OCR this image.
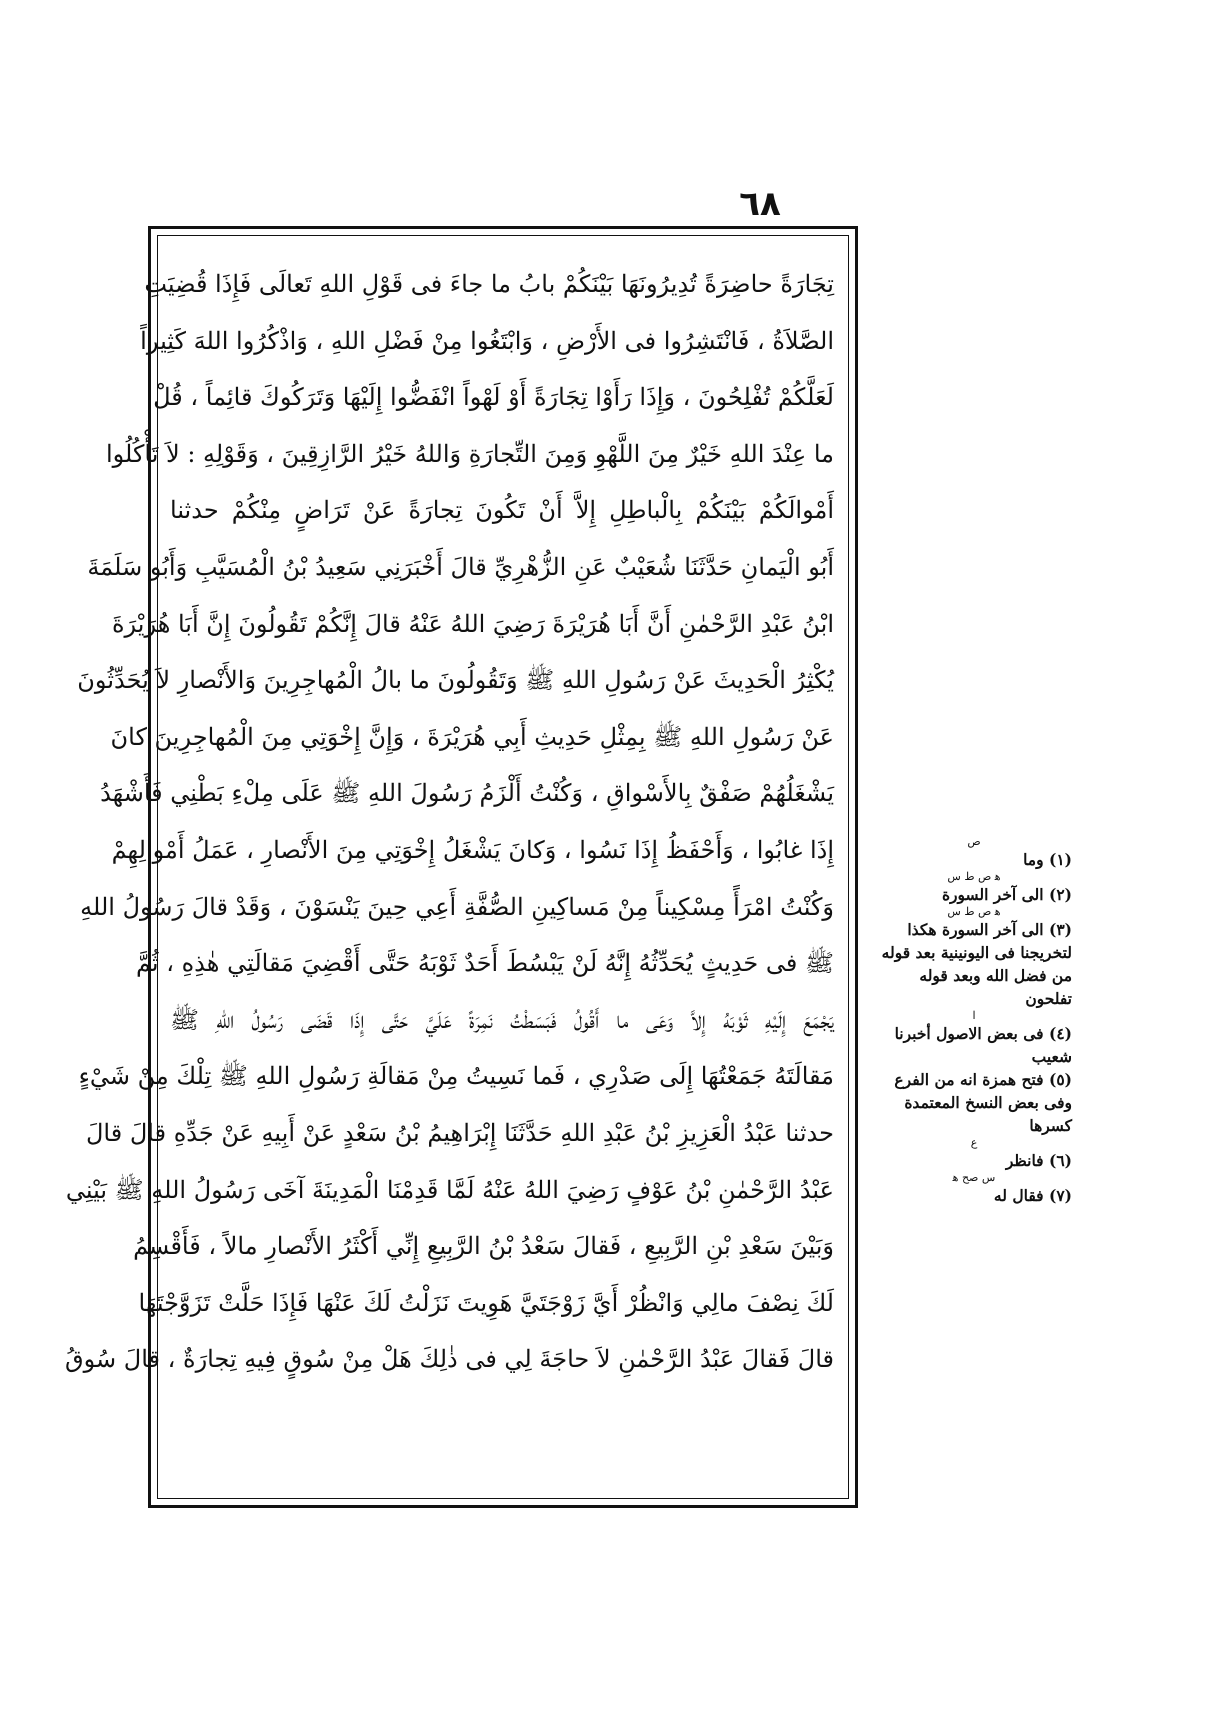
٦٨
تِجَارَةً حاضِرَةً تُدِيرُونَهَا بَيْنَكُمْ بابُ ما جاءَ فى قَوْلِ اللهِ تَعالَى فَإِذَا قُضِيَتِ
الصَّلاَةُ ، فَانْتَشِرُوا فى الأَرْضِ ، وَابْتَغُوا مِنْ فَضْلِ اللهِ ، وَاذْكُرُوا اللهَ كَثِيراً
لَعَلَّكُمْ تُفْلِحُونَ ، وَإِذَا رَأَوْا تِجَارَةً أَوْ لَهْواً انْفَضُّوا إِلَيْهَا وَتَرَكُوكَ قائِماً ، قُلْ
ما عِنْدَ اللهِ خَيْرٌ مِنَ اللَّهْوِ وَمِنَ التِّجارَةِ وَاللهُ خَيْرُ الرَّازِقِينَ ، وَقَوْلِهِ : لاَ تَأْكُلُوا
أَمْوالَكُمْ بَيْنَكُمْ بِالْباطِلِ إِلاَّ أَنْ تَكُونَ تِجارَةً عَنْ تَرَاضٍ مِنْكُمْ حدثنا
أَبُو الْيَمانِ حَدَّثَنَا شُعَيْبٌ عَنِ الزُّهْرِيِّ قالَ أَخْبَرَنِي سَعِيدُ بْنُ الْمُسَيَّبِ وَأَبُو سَلَمَةَ
ابْنُ عَبْدِ الرَّحْمٰنِ أَنَّ أَبَا هُرَيْرَةَ رَضِيَ اللهُ عَنْهُ قالَ إِنَّكُمْ تَقُولُونَ إِنَّ أَبَا هُرَيْرَةَ
يُكْثِرُ الْحَدِيثَ عَنْ رَسُولِ اللهِ ﷺ وَتَقُولُونَ ما بالُ الْمُهاجِرِينَ وَالأَنْصارِ لاَ يُحَدِّثُونَ
عَنْ رَسُولِ اللهِ ﷺ بِمِثْلِ حَدِيثِ أَبِي هُرَيْرَةَ ، وَإِنَّ إِخْوَتِي مِنَ الْمُهاجِرِينَ كانَ
يَشْغَلُهُمْ صَفْقٌ بِالأَسْواقِ ، وَكُنْتُ أَلْزَمُ رَسُولَ اللهِ ﷺ عَلَى مِلْءِ بَطْنِي فَأَشْهَدُ
إِذَا غابُوا ، وَأَحْفَظُ إِذَا نَسُوا ، وَكانَ يَشْغَلُ إِخْوَتِي مِنَ الأَنْصارِ ، عَمَلُ أَمْوالِهِمْ
وَكُنْتُ امْرَأً مِسْكِيناً مِنْ مَساكِينِ الصُّفَّةِ أَعِي حِينَ يَنْسَوْنَ ، وَقَدْ قالَ رَسُولُ اللهِ
ﷺ فى حَدِيثٍ يُحَدِّثُهُ إِنَّهُ لَنْ يَبْسُطَ أَحَدٌ ثَوْبَهُ حَتَّى أَقْضِيَ مَقالَتِي هٰذِهِ ، ثُمَّ
يَجْمَعَ إِلَيْهِ ثَوْبَهُ إِلاَّ وَعَى ما أَقُولُ فَبَسَطْتُ نَمِرَةً عَلَيَّ حَتَّى إِذَا قَضَى رَسُولُ اللهِ ﷺ
مَقالَتَهُ جَمَعْتُهَا إِلَى صَدْرِي ، فَما نَسِيتُ مِنْ مَقالَةِ رَسُولِ اللهِ ﷺ تِلْكَ مِنْ شَيْءٍ
حدثنا عَبْدُ الْعَزِيزِ بْنُ عَبْدِ اللهِ حَدَّثَنَا إِبْرَاهِيمُ بْنُ سَعْدٍ عَنْ أَبِيهِ عَنْ جَدِّهِ قالَ قالَ
عَبْدُ الرَّحْمٰنِ بْنُ عَوْفٍ رَضِيَ اللهُ عَنْهُ لَمَّا قَدِمْنَا الْمَدِينَةَ آخَى رَسُولُ اللهِ ﷺ بَيْنِي
وَبَيْنَ سَعْدِ بْنِ الرَّبِيعِ ، فَقالَ سَعْدُ بْنُ الرَّبِيعِ إِنِّي أَكْثَرُ الأَنْصارِ مالاً ، فَأَقْسِمُ
لَكَ نِصْفَ مالِي وَانْظُرْ أَيَّ زَوْجَتَيَّ هَوِيتَ نَزَلْتُ لَكَ عَنْهَا فَإِذَا حَلَّتْ تَزَوَّجْتَهَا
قالَ فَقالَ عَبْدُ الرَّحْمٰنِ لاَ حاجَةَ لِي فى ذٰلِكَ هَلْ مِنْ سُوقٍ فِيهِ تِجارَةٌ ، قالَ سُوقُ
ص
(١) وما
ه‍ ص ط س
(٢) الى آخر السورة
ه‍ ص ط س
(٣) الى آخر السورة هكذا لتخريجنا فى اليونينية بعد قوله من فضل الله وبعد قوله تفلحون
ا
(٤) فى بعض الاصول أخبرنا شعيب
(٥) فتح همزة انه من الفرع وفى بعض النسخ المعتمدة كسرها
ع
(٦) فانظر
س صح ه‍
(٧) فقال له
